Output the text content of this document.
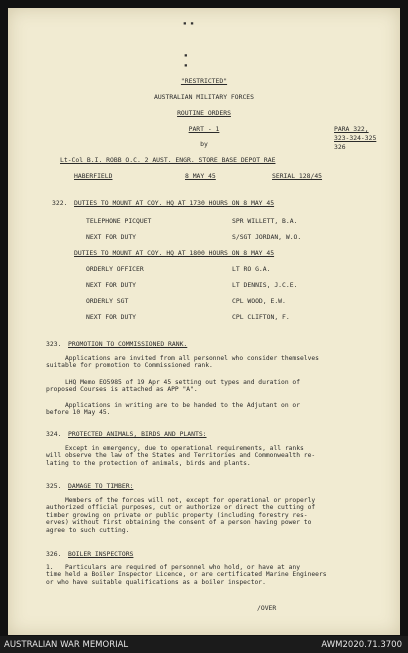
▪ ▪
▪
▪
"RESTRICTED"
AUSTRALIAN MILITARY FORCES
ROUTINE ORDERS
PART - 1
by
PARA 322,
323-324-325
326
Lt-Col B.I. ROBB O.C. 2 AUST. ENGR. STORE BASE DEPOT RAE
HABERFIELD	8 MAY 45	SERIAL 128/45
322. DUTIES TO MOUNT AT COY. HQ AT 1730 HOURS ON 8 MAY 45
TELEPHONE PICQUET	SPR WILLETT, B.A.
NEXT FOR DUTY	S/SGT JORDAN, W.O.
DUTIES TO MOUNT AT COY. HQ AT 1800 HOURS ON 8 MAY 45
ORDERLY OFFICER	LT RO G.A.
NEXT FOR DUTY	LT DENNIS, J.C.E.
ORDERLY SGT	CPL WOOD, E.W.
NEXT FOR DUTY	CPL CLIFTON, F.
323. PROMOTION TO COMMISSIONED RANK.
Applications are invited from all personnel who consider themselves
suitable for promotion to Commissioned rank.
LHQ Memo EO5985 of 19 Apr 45 setting out types and duration of
proposed Courses is attached as APP "A".
Applications in writing are to be handed to the Adjutant on or
before 10 May 45.
324. PROTECTED ANIMALS, BIRDS AND PLANTS:
Except in emergency, due to operational requirements, all ranks
will observe the law of the States and Territories and Commonwealth re-
lating to the protection of animals, birds and plants.
325. DAMAGE TO TIMBER:
Members of the forces will not, except for operational or properly
authorized official purposes, cut or authorize or direct the cutting of
timber growing on private or public property (including forestry res-
erves) without first obtaining the consent of a person having power to
agree to such cutting.
326. BOILER INSPECTORS
1.   Particulars are required of personnel who hold, or have at any
time held a Boiler Inspector Licence, or are certificated Marine Engineers
or who have suitable qualifications as a boiler inspector.
/OVER
AUSTRALIAN WAR MEMORIAL	AWM2020.71.3700
